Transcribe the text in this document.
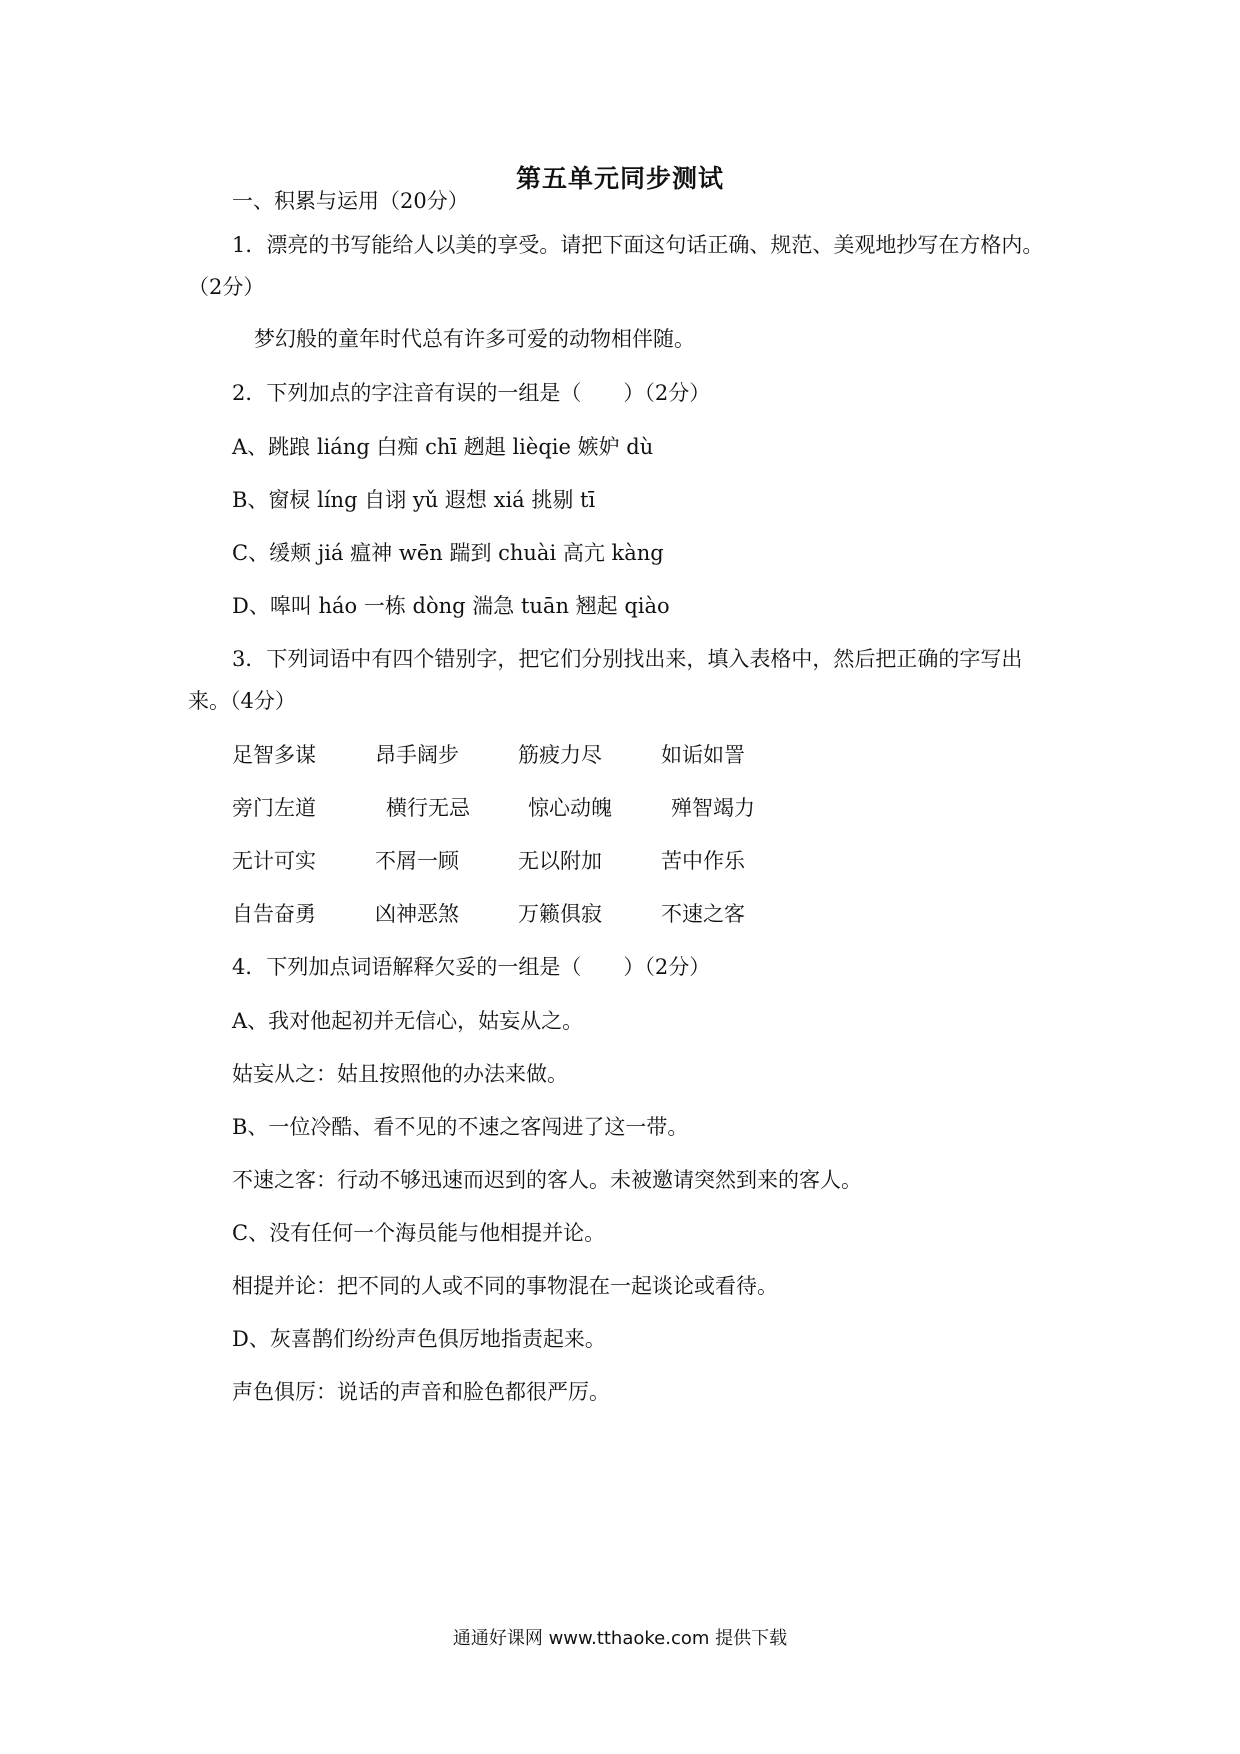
第五单元同步测试
一、积累与运用（20分）
1．漂亮的书写能给人以美的享受。请把下面这句话正确、规范、美观地抄写在方格内。
（2分）
梦幻般的童年时代总有许多可爱的动物相伴随。
2．下列加点的字注音有误的一组是（　　）（2分）
A、跳踉 liáng 白痴 chī 趔趄 lièqie 嫉妒 dù
B、窗棂 líng 自诩 yǔ 遐想 xiá 挑剔 tī
C、缓颊 jiá 瘟神 wēn 踹到 chuài 高亢 kàng
D、嗥叫 háo 一栋 dòng 湍急 tuān 翘起 qiào
3．下列词语中有四个错别字，把它们分别找出来，填入表格中，然后把正确的字写出
来。（4分）
足智多谋	昂手阔步	筋疲力尽	如诟如詈
旁门左道	横行无忌	惊心动魄	殚智竭力
无计可实	不屑一顾	无以附加	苦中作乐
自告奋勇	凶神恶煞	万籁俱寂	不速之客
4．下列加点词语解释欠妥的一组是（　　）（2分）
A、我对他起初并无信心，姑妄从之。
姑妄从之：姑且按照他的办法来做。
B、一位冷酷、看不见的不速之客闯进了这一带。
不速之客：行动不够迅速而迟到的客人。未被邀请突然到来的客人。
C、没有任何一个海员能与他相提并论。
相提并论：把不同的人或不同的事物混在一起谈论或看待。
D、灰喜鹊们纷纷声色俱厉地指责起来。
声色俱厉：说话的声音和脸色都很严厉。
通通好课网 www.tthaoke.com 提供下载
